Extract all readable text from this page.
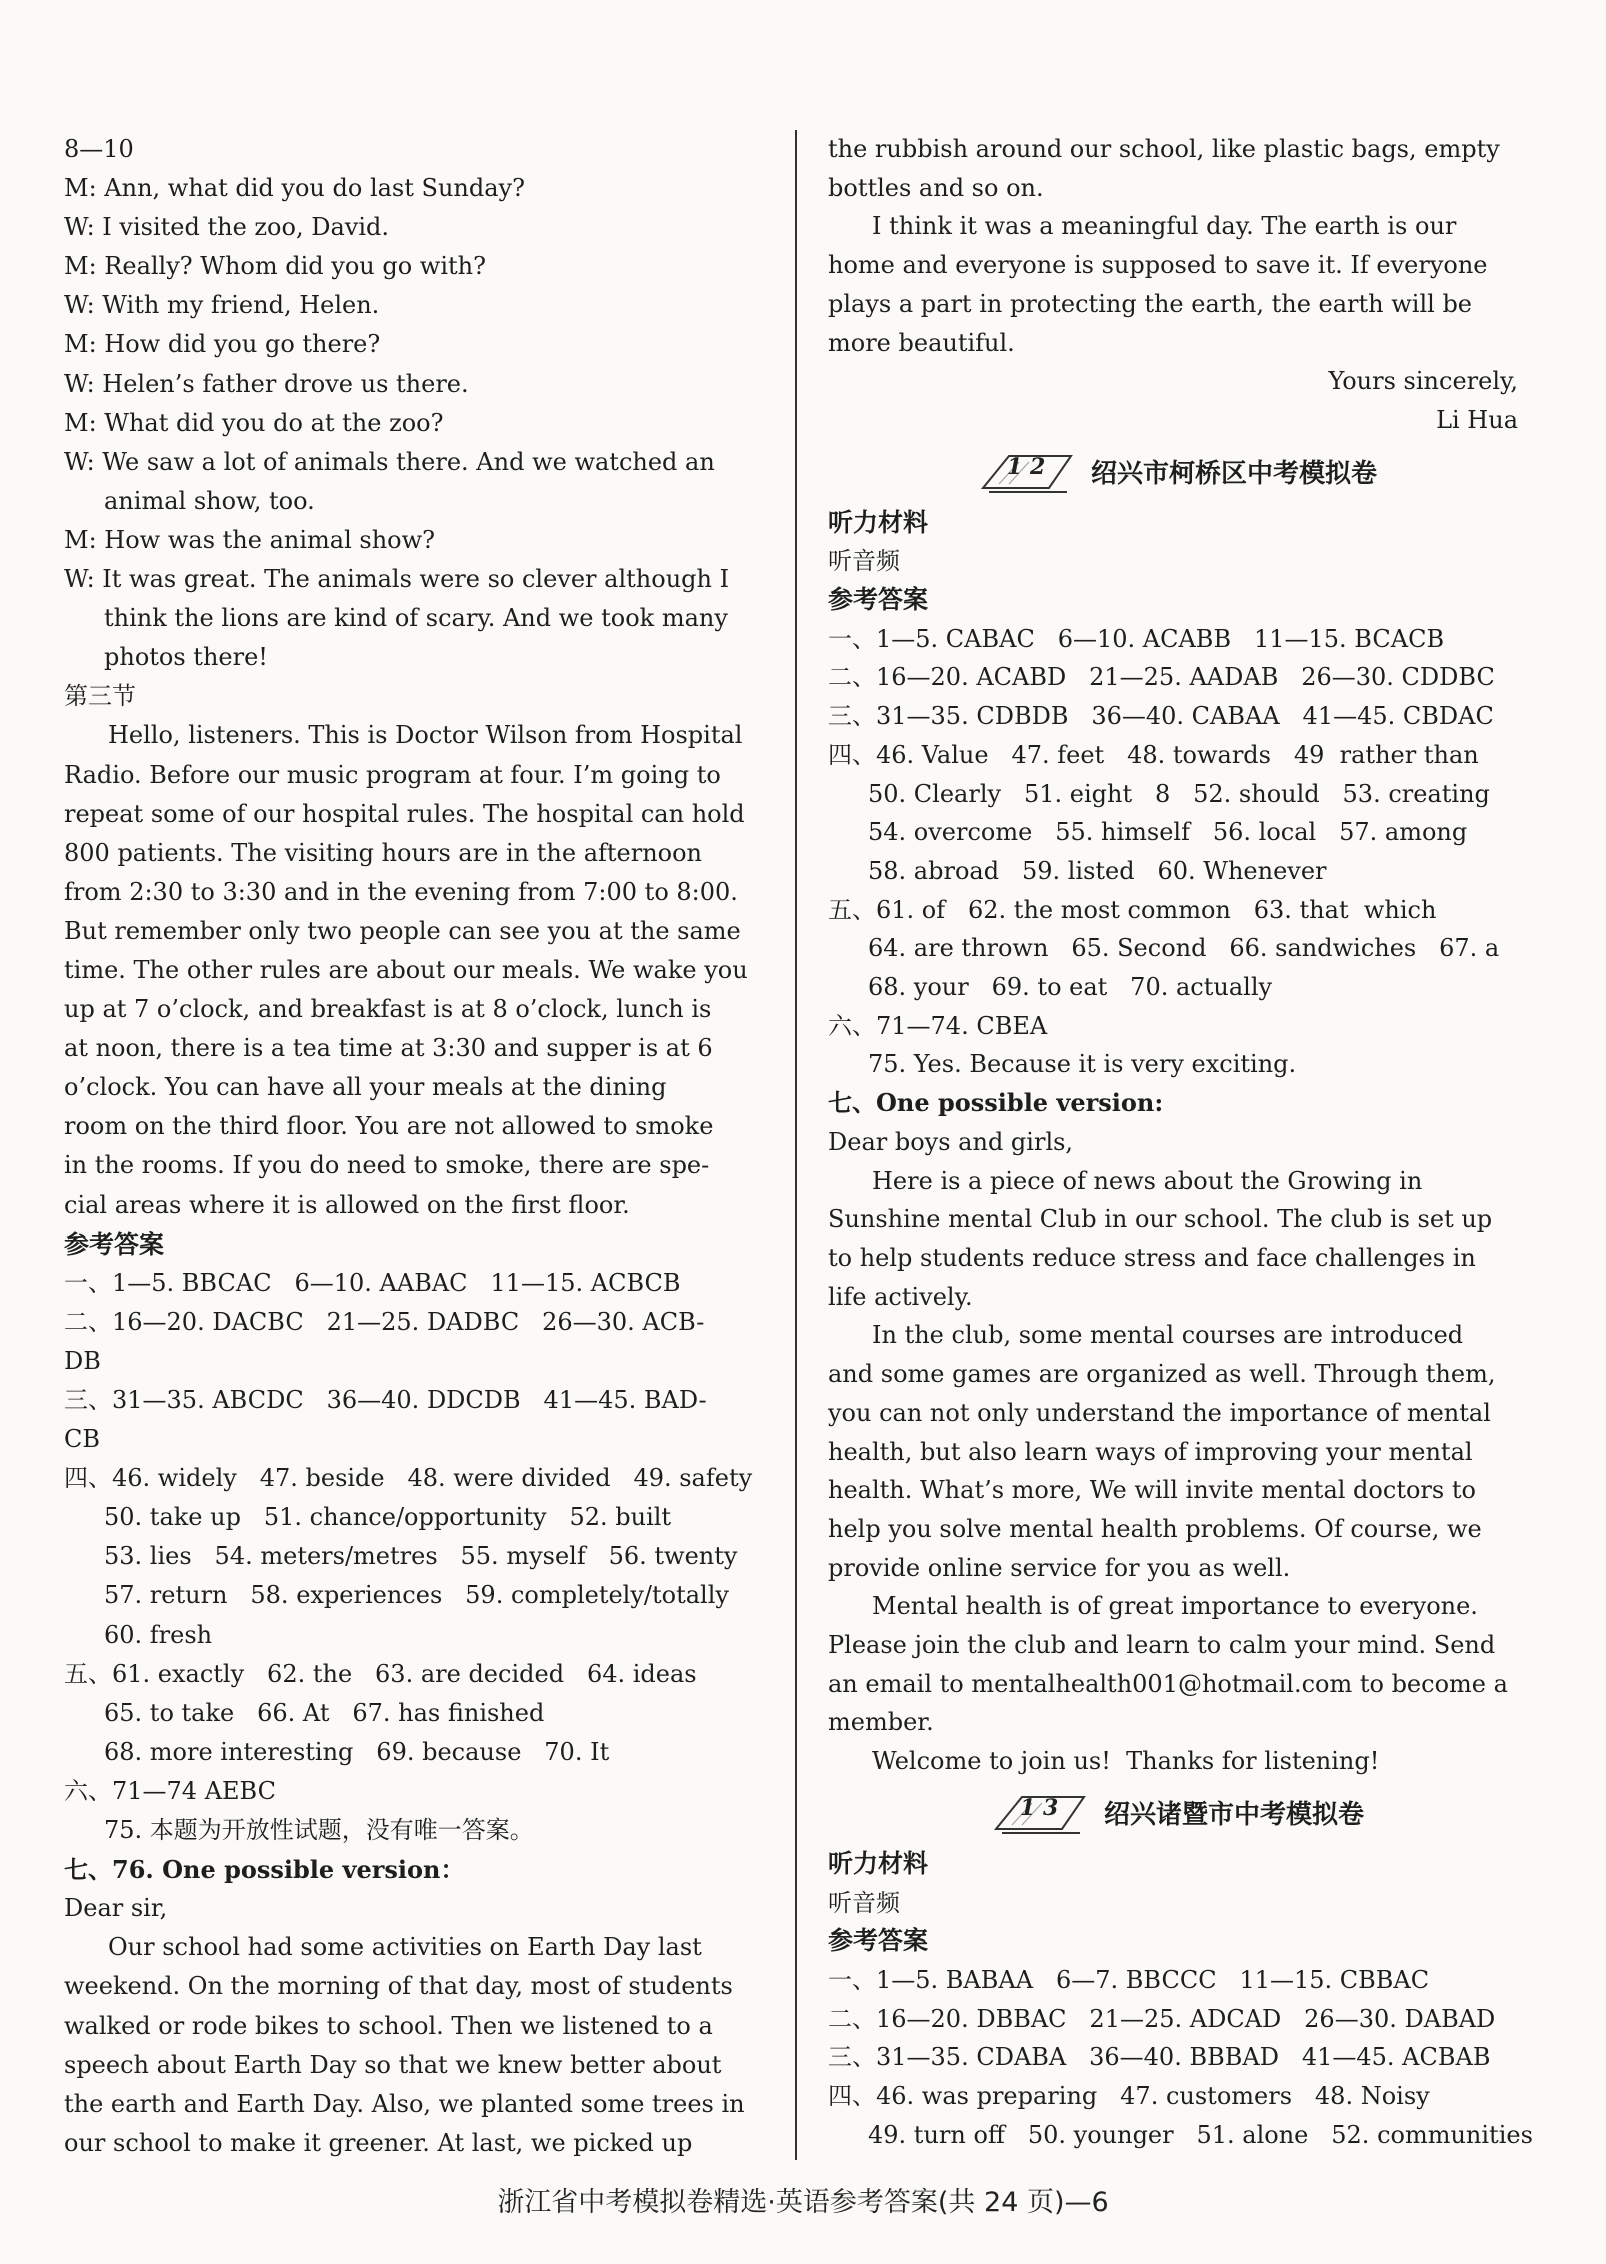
8—10
M: Ann, what did you do last Sunday?
W: I visited the zoo, David.
M: Really? Whom did you go with?
W: With my friend, Helen.
M: How did you go there?
W: Helen’s father drove us there.
M: What did you do at the zoo?
W: We saw a lot of animals there. And we watched an
animal show, too.
M: How was the animal show?
W: It was great. The animals were so clever although I
think the lions are kind of scary. And we took many
photos there!
第三节
Hello, listeners. This is Doctor Wilson from Hospital
Radio. Before our music program at four. I’m going to
repeat some of our hospital rules. The hospital can hold
800 patients. The visiting hours are in the afternoon
from 2:30 to 3:30 and in the evening from 7:00 to 8:00.
But remember only two people can see you at the same
time. The other rules are about our meals. We wake you
up at 7 o’clock, and breakfast is at 8 o’clock, lunch is
at noon, there is a tea time at 3:30 and supper is at 6
o’clock. You can have all your meals at the dining
room on the third floor. You are not allowed to smoke
in the rooms. If you do need to smoke, there are spe-
cial areas where it is allowed on the first floor.
参考答案
一、1—5. BBCAC   6—10. AABAC   11—15. ACBCB
二、16—20. DACBC   21—25. DADBC   26—30. ACB-
DB
三、31—35. ABCDC   36—40. DDCDB   41—45. BAD-
CB
四、46. widely   47. beside   48. were divided   49. safety
50. take up   51. chance/opportunity   52. built
53. lies   54. meters/metres   55. myself   56. twenty
57. return   58. experiences   59. completely/totally
60. fresh
五、61. exactly   62. the   63. are decided   64. ideas
65. to take   66. At   67. has finished
68. more interesting   69. because   70. It
六、71—74 AEBC
75. 本题为开放性试题，没有唯一答案。
七、76. One possible version：
Dear sir,
Our school had some activities on Earth Day last
weekend. On the morning of that day, most of students
walked or rode bikes to school. Then we listened to a
speech about Earth Day so that we knew better about
the earth and Earth Day. Also, we planted some trees in
our school to make it greener. At last, we picked up
the rubbish around our school, like plastic bags, empty
bottles and so on.
I think it was a meaningful day. The earth is our
home and everyone is supposed to save it. If everyone
plays a part in protecting the earth, the earth will be
more beautiful.
Yours sincerely,
Li Hua
1 2 绍兴市柯桥区中考模拟卷
听力材料
听音频
参考答案
一、1—5. CABAC   6—10. ACABB   11—15. BCACB
二、16—20. ACABD   21—25. AADAB   26—30. CDDBC
三、31—35. CDBDB   36—40. CABAA   41—45. CBDAC
四、46. Value   47. feet   48. towards   49  rather than
50. Clearly   51. eight   8   52. should   53. creating
54. overcome   55. himself   56. local   57. among
58. abroad   59. listed   60. Whenever
五、61. of   62. the most common   63. that  which
64. are thrown   65. Second   66. sandwiches   67. a
68. your   69. to eat   70. actually
六、71—74. CBEA
75. Yes. Because it is very exciting.
七、One possible version:
Dear boys and girls,
Here is a piece of news about the Growing in
Sunshine mental Club in our school. The club is set up
to help students reduce stress and face challenges in
life actively.
In the club, some mental courses are introduced
and some games are organized as well. Through them,
you can not only understand the importance of mental
health, but also learn ways of improving your mental
health. What’s more, We will invite mental doctors to
help you solve mental health problems. Of course, we
provide online service for you as well.
Mental health is of great importance to everyone.
Please join the club and learn to calm your mind. Send
an email to mentalhealth001@hotmail.com to become a
member.
Welcome to join us!  Thanks for listening!
1 3 绍兴诸暨市中考模拟卷
听力材料
听音频
参考答案
一、1—5. BABAA   6—7. BBCCC   11—15. CBBAC
二、16—20. DBBAC   21—25. ADCAD   26—30. DABAD
三、31—35. CDABA   36—40. BBBAD   41—45. ACBAB
四、46. was preparing   47. customers   48. Noisy
49. turn off   50. younger   51. alone   52. communities
浙江省中考模拟卷精选·英语参考答案(共 24 页)—6
